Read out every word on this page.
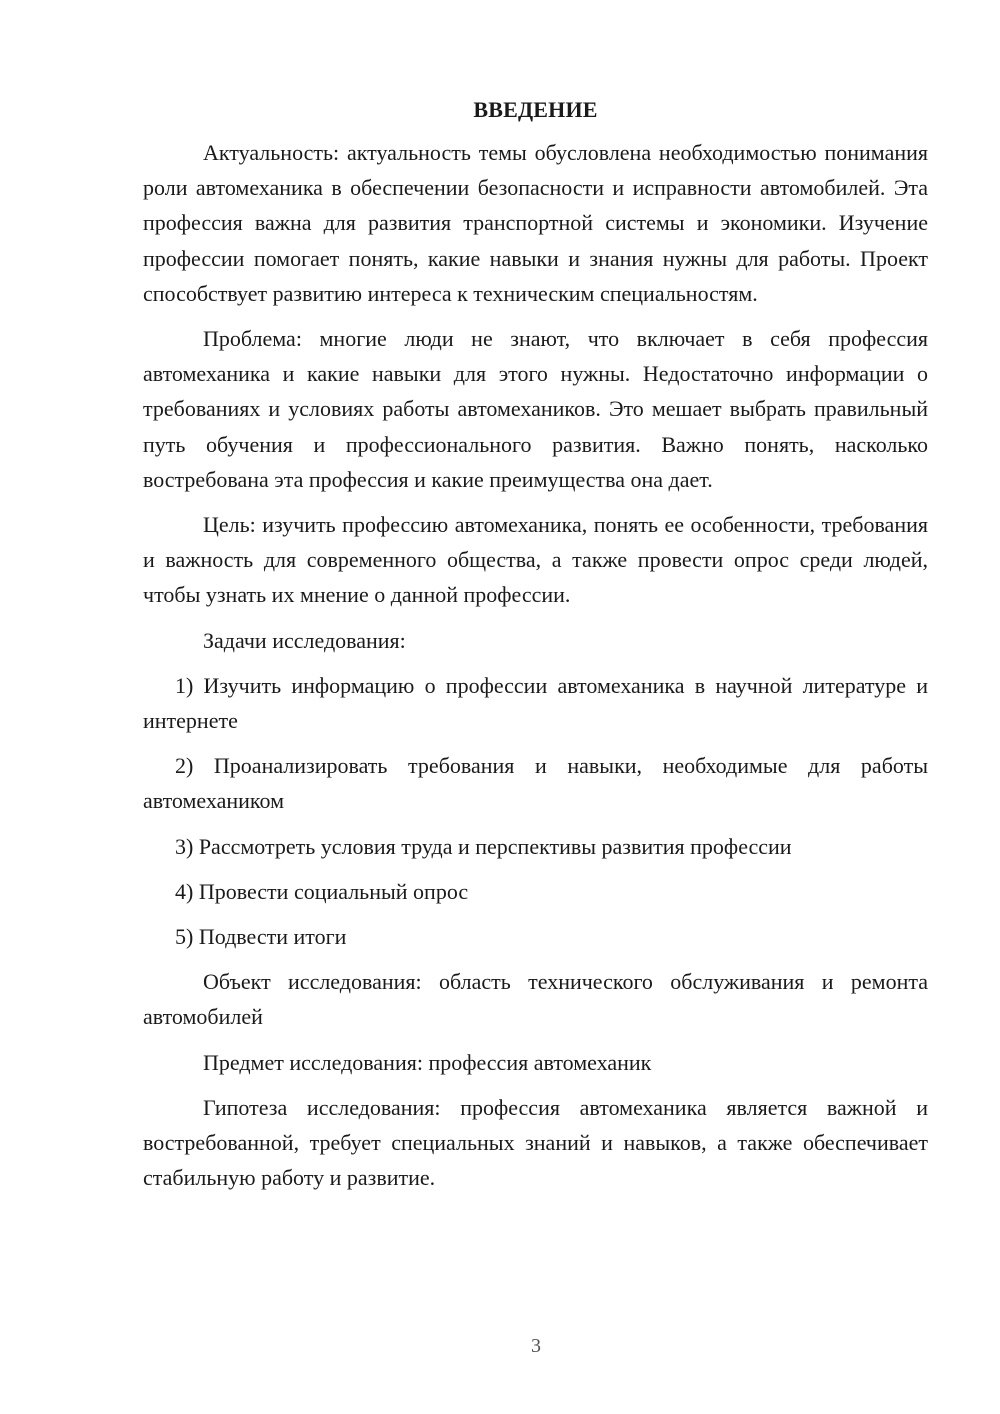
ВВЕДЕНИЕ

Актуальность: актуальность темы обусловлена необходимостью понимания роли автомеханика в обеспечении безопасности и исправности автомобилей. Эта профессия важна для развития транспортной системы и экономики. Изучение профессии помогает понять, какие навыки и знания нужны для работы. Проект способствует развитию интереса к техническим специальностям.

Проблема: многие люди не знают, что включает в себя профессия автомеханика и какие навыки для этого нужны. Недостаточно информации о требованиях и условиях работы автомехаников. Это мешает выбрать правильный путь обучения и профессионального развития. Важно понять, насколько востребована эта профессия и какие преимущества она дает.

Цель: изучить профессию автомеханика, понять ее особенности, требования и важность для современного общества, а также провести опрос среди людей, чтобы узнать их мнение о данной профессии.

Задачи исследования:

1) Изучить информацию о профессии автомеханика в научной литературе и интернете

2) Проанализировать требования и навыки, необходимые для работы автомехаником

3) Рассмотреть условия труда и перспективы развития профессии

4) Провести социальный опрос

5) Подвести итоги

Объект исследования: область технического обслуживания и ремонта автомобилей

Предмет исследования: профессия автомеханик

Гипотеза исследования: профессия автомеханика является важной и востребованной, требует специальных знаний и навыков, а также обеспечивает стабильную работу и развитие.

3
